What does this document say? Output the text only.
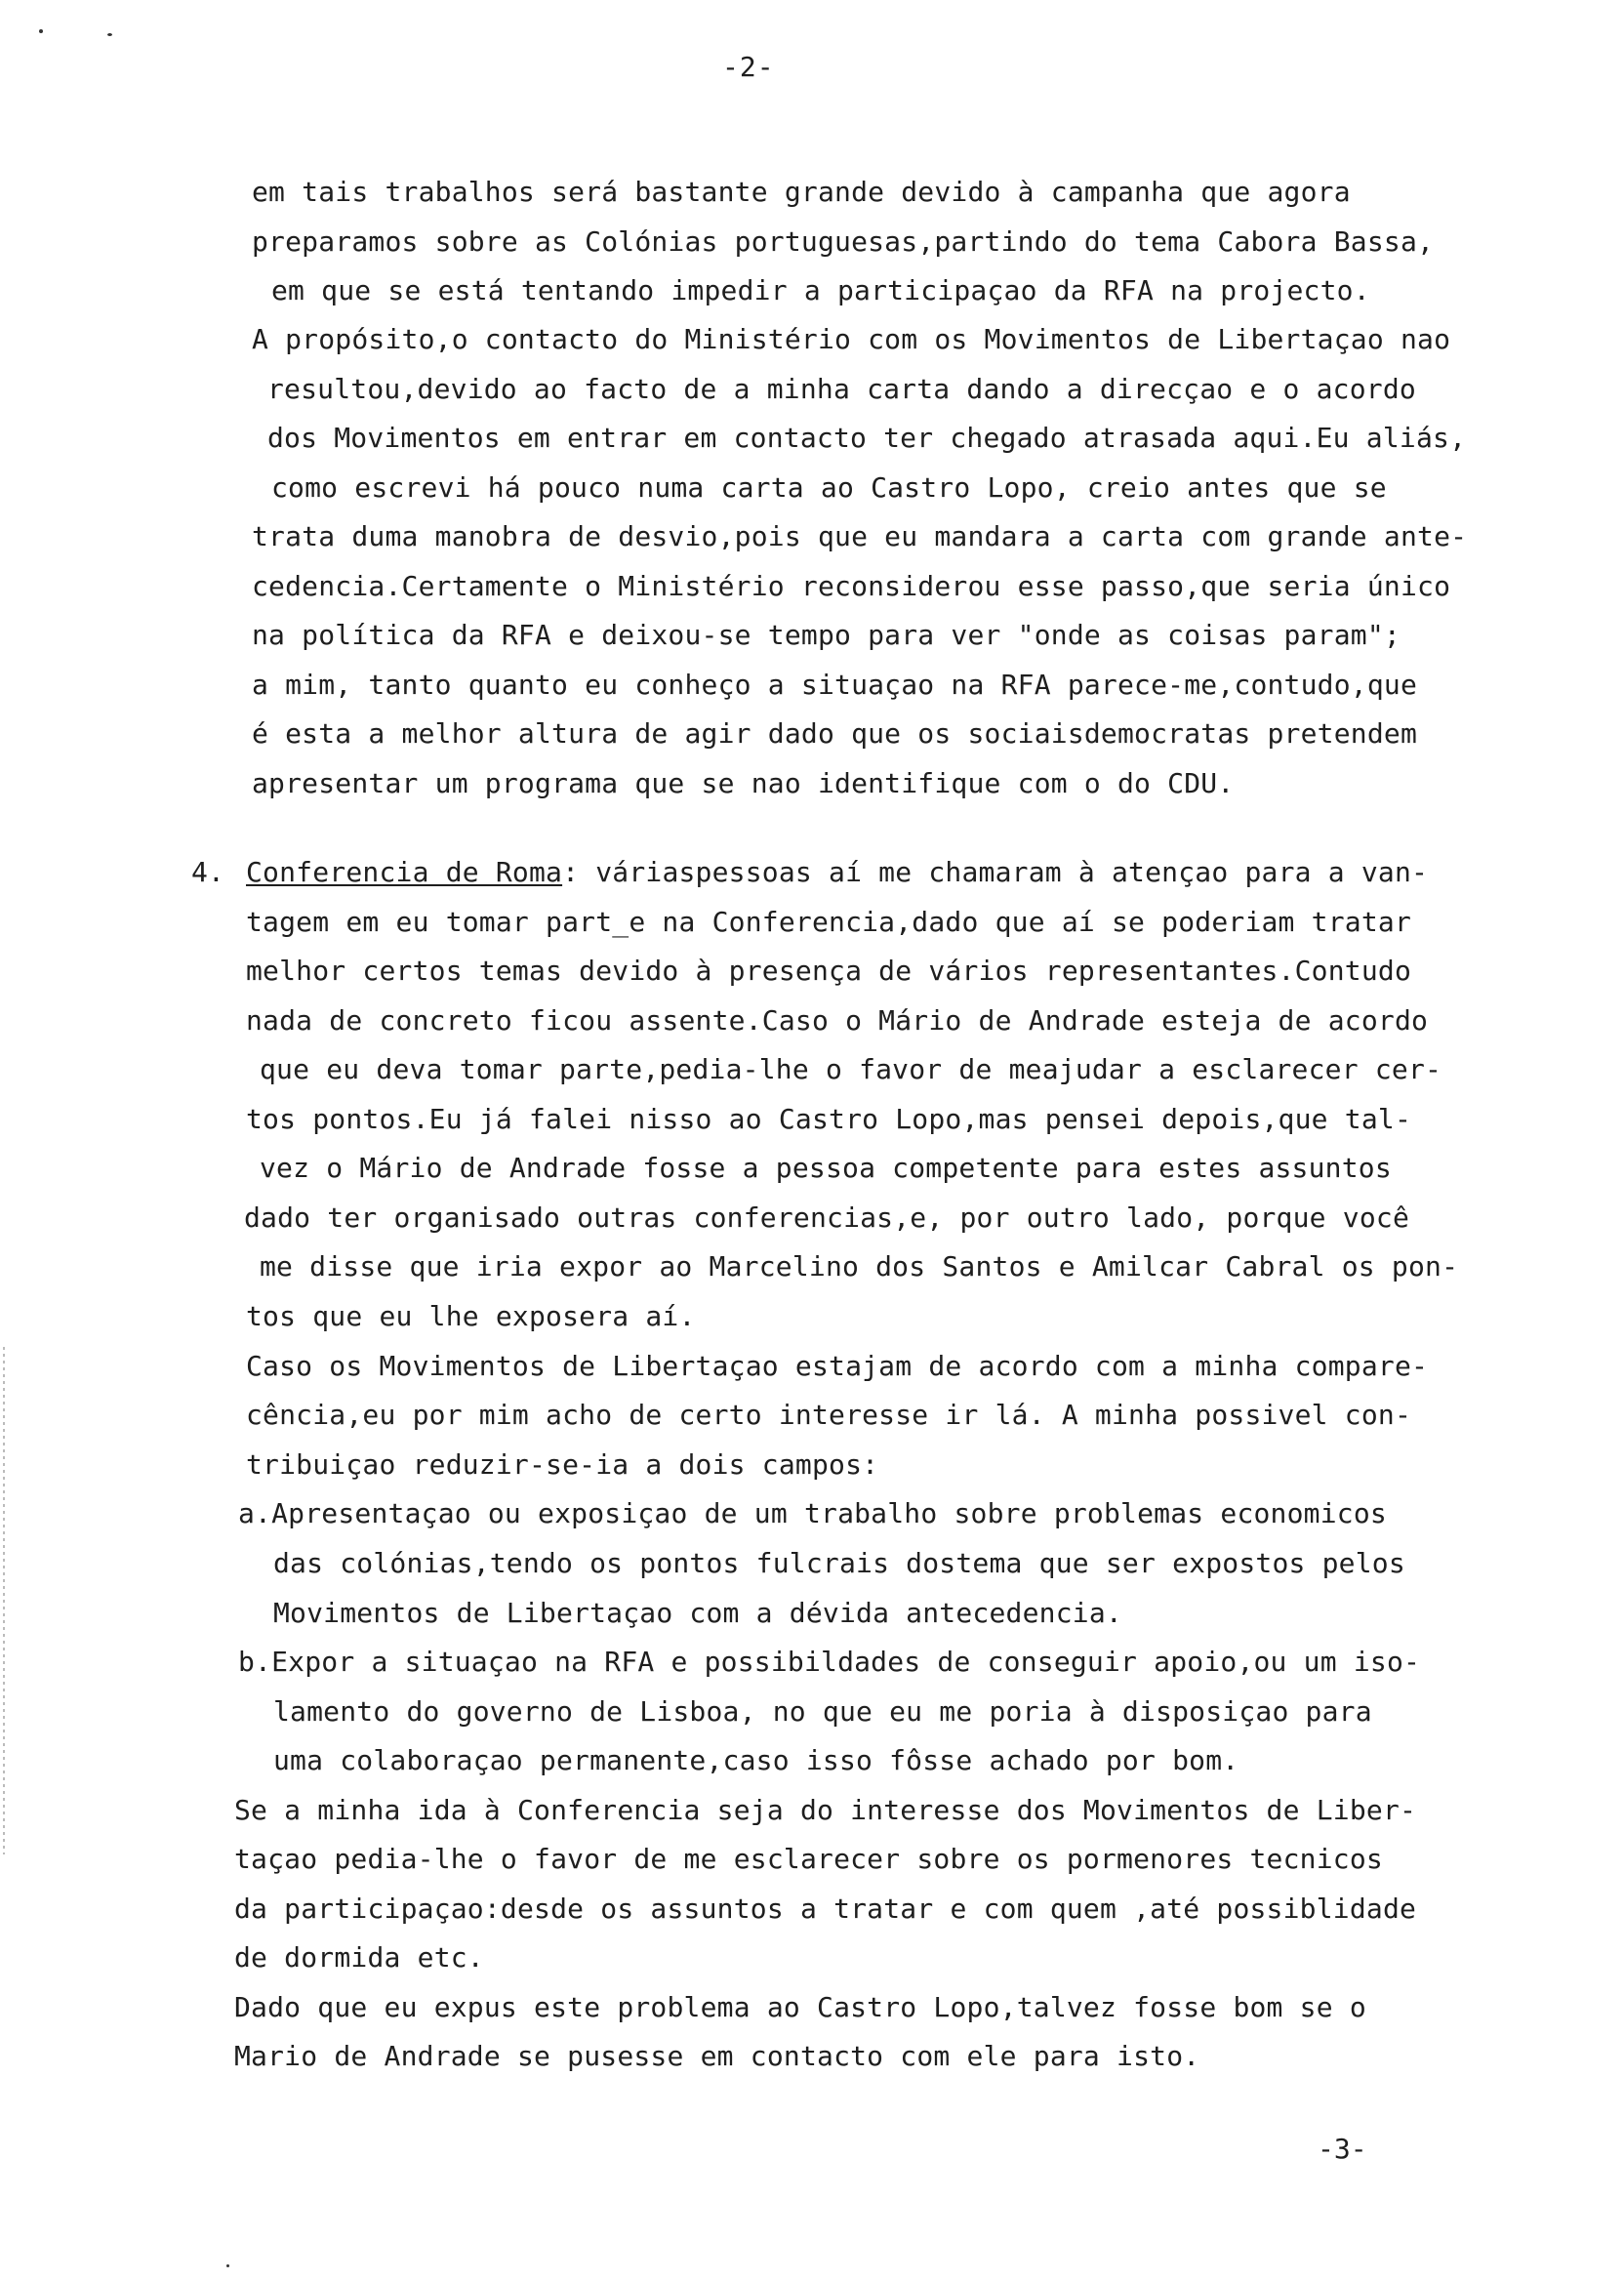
-2-
em tais trabalhos será bastante grande devido à campanha que agora
preparamos sobre as Colónias portuguesas,partindo do tema Cabora Bassa,
em que se está tentando impedir a participaçao da RFA na projecto.
A propósito,o contacto do Ministério com os Movimentos de Libertaçao nao
resultou,devido ao facto de a minha carta dando a direcçao e o acordo
dos Movimentos em entrar em contacto ter chegado atrasada aqui.Eu aliás,
como escrevi há pouco numa carta ao Castro Lopo, creio antes que se
trata duma manobra de desvio,pois que eu mandara a carta com grande ante-
cedencia.Certamente o Ministério reconsiderou esse passo,que seria único
na política da RFA e deixou-se tempo para ver "onde as coisas param";
a mim, tanto quanto eu conheço a situaçao na RFA parece-me,contudo,que
é esta a melhor altura de agir dado que os sociaisdemocratas pretendem
apresentar um programa que se nao identifique com o do CDU.
4. Conferencia de Roma: váriaspessoas aí me chamaram à atençao para a van-
tagem em eu tomar part_e na Conferencia,dado que aí se poderiam tratar
melhor certos temas devido à presença de vários representantes.Contudo
nada de concreto ficou assente.Caso o Mário de Andrade esteja de acordo
que eu deva tomar parte,pedia-lhe o favor de meajudar a esclarecer cer-
tos pontos.Eu já falei nisso ao Castro Lopo,mas pensei depois,que tal-
vez o Mário de Andrade fosse a pessoa competente para estes assuntos
dado ter organisado outras conferencias,e, por outro lado, porque você
me disse que iria expor ao Marcelino dos Santos e Amilcar Cabral os pon-
tos que eu lhe exposera aí.
Caso os Movimentos de Libertaçao estajam de acordo com a minha compare-
cência,eu por mim acho de certo interesse ir lá. A minha possivel con-
tribuiçao reduzir-se-ia a dois campos:
a.Apresentaçao ou exposiçao de um trabalho sobre problemas economicos
das colónias,tendo os pontos fulcrais dostema que ser expostos pelos
Movimentos de Libertaçao com a dévida antecedencia.
b.Expor a situaçao na RFA e possibildades de conseguir apoio,ou um iso-
lamento do governo de Lisboa, no que eu me poria à disposiçao para
uma colaboraçao permanente,caso isso fôsse achado por bom.
Se a minha ida à Conferencia seja do interesse dos Movimentos de Liber-
taçao pedia-lhe o favor de me esclarecer sobre os pormenores tecnicos
da participaçao:desde os assuntos a tratar e com quem ,até possiblidade
de dormida etc.
Dado que eu expus este problema ao Castro Lopo,talvez fosse bom se o
Mario de Andrade se pusesse em contacto com ele para isto.
-3-
